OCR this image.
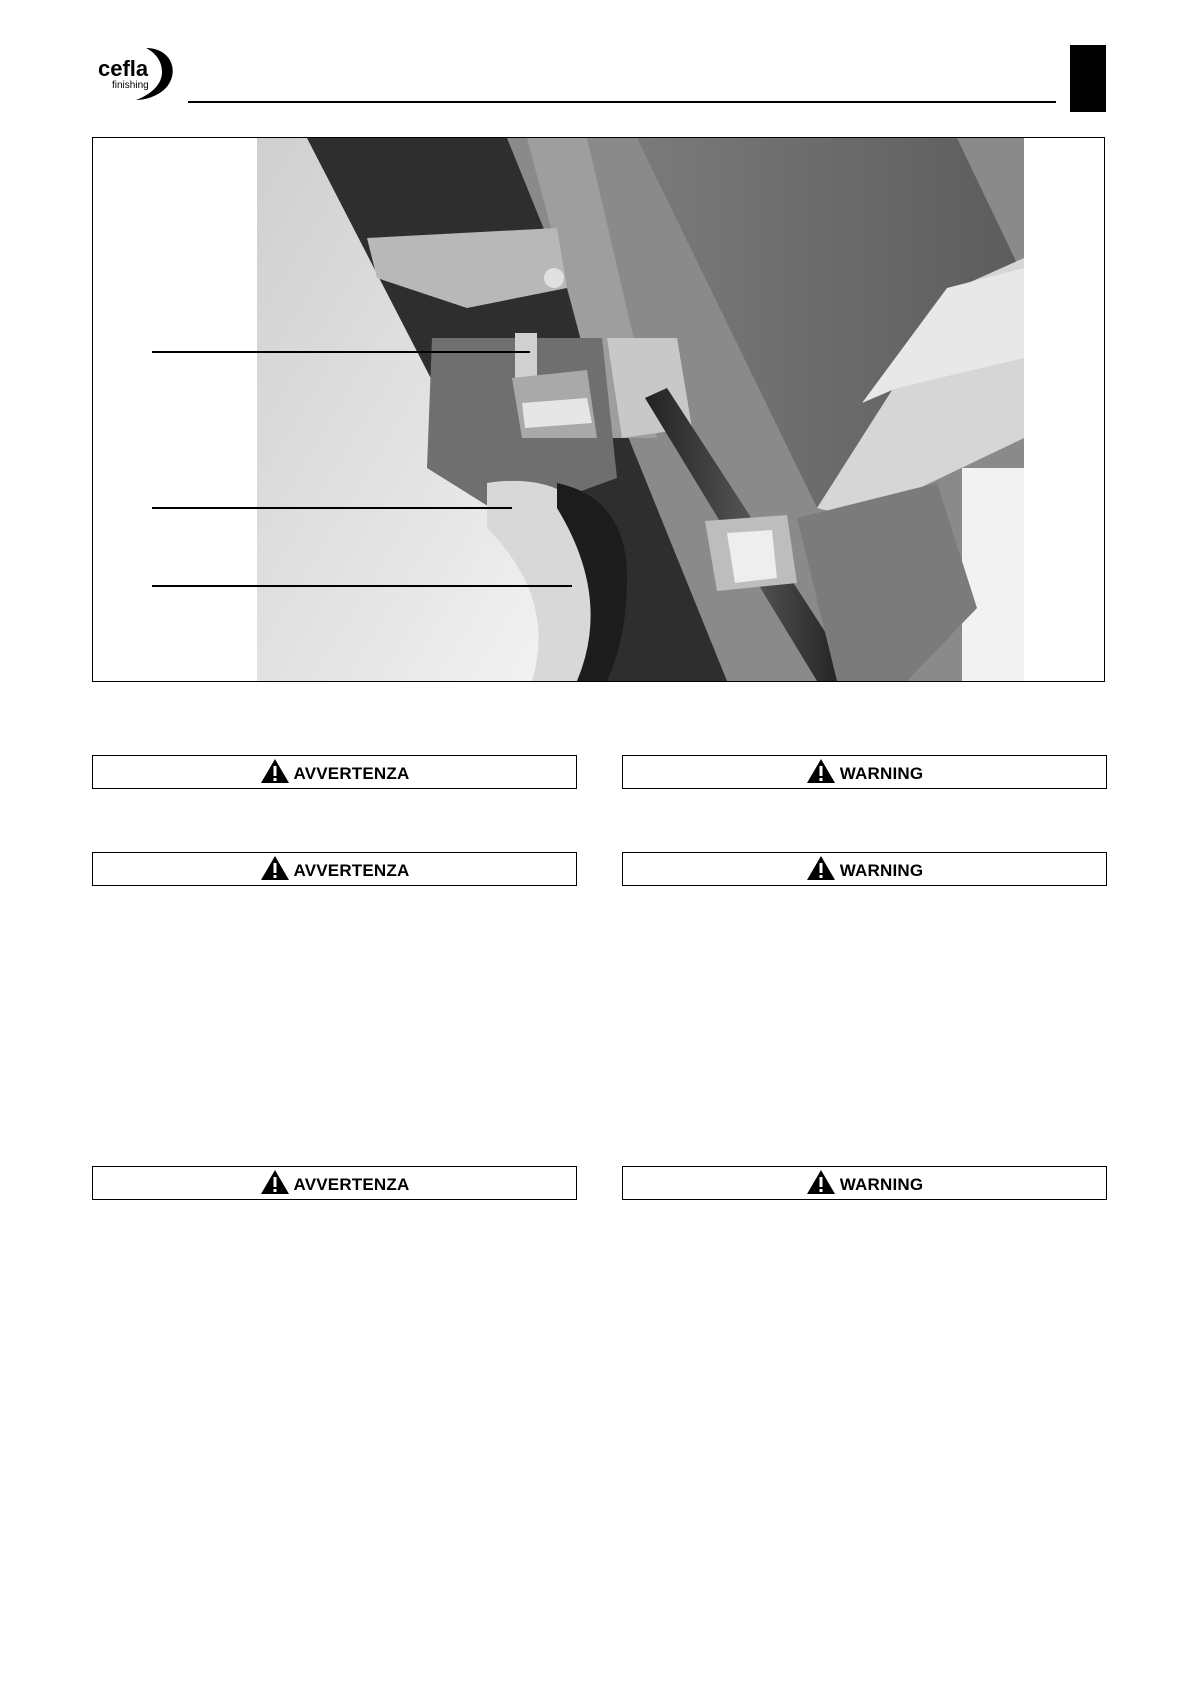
cefla
finishing
AVVERTENZA	WARNING
AVVERTENZA	WARNING
AVVERTENZA	WARNING
